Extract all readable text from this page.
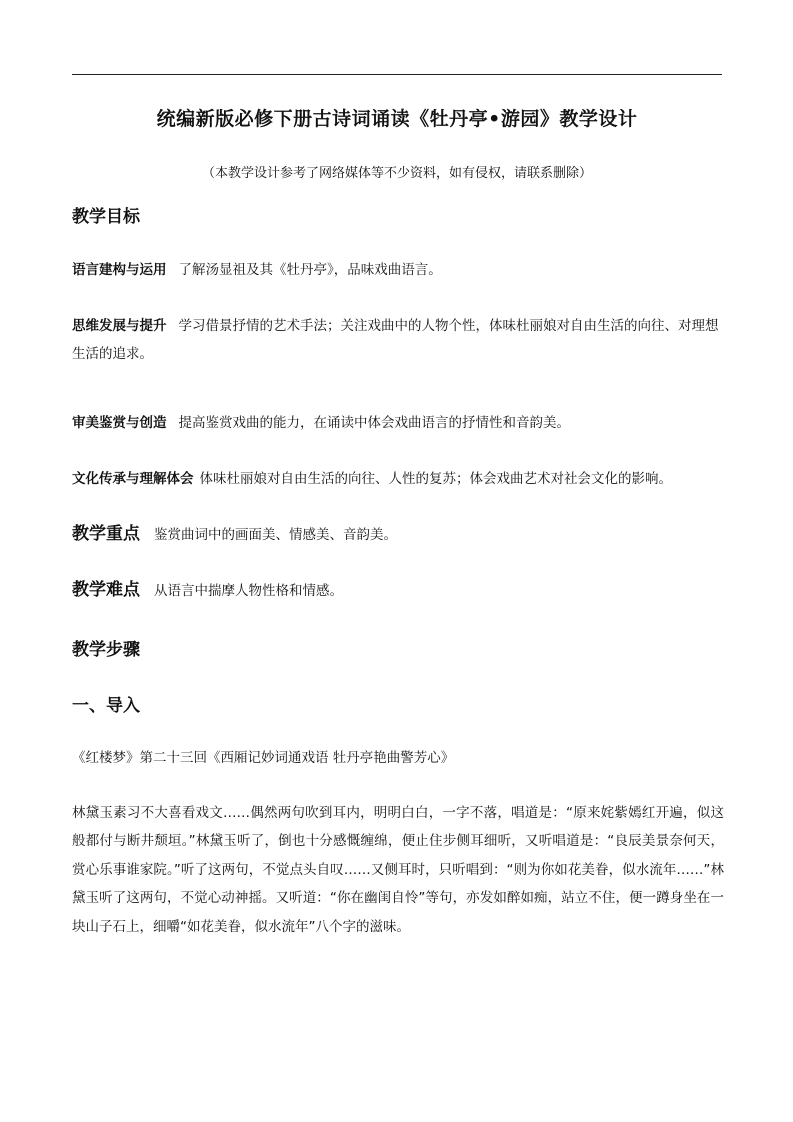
统编新版必修下册古诗词诵读《牡丹亭•游园》教学设计
（本教学设计参考了网络媒体等不少资料，如有侵权，请联系删除）
教学目标
语言建构与运用 了解汤显祖及其《牡丹亭》，品味戏曲语言。
思维发展与提升 学习借景抒情的艺术手法；关注戏曲中的人物个性，体味杜丽娘对自由生活的向往、对理想生活的追求。
审美鉴赏与创造 提高鉴赏戏曲的能力，在诵读中体会戏曲语言的抒情性和音韵美。
文化传承与理解体会 体味杜丽娘对自由生活的向往、人性的复苏；体会戏曲艺术对社会文化的影响。
教学重点 鉴赏曲词中的画面美、情感美、音韵美。
教学难点 从语言中揣摩人物性格和情感。
教学步骤
一、导入
《红楼梦》第二十三回《西厢记妙词通戏语 牡丹亭艳曲警芳心》
林黛玉素习不大喜看戏文……偶然两句吹到耳内，明明白白，一字不落，唱道是：“原来姹紫嫣红开遍，似这般都付与断井颓垣。”林黛玉听了，倒也十分感慨缠绵，便止住步侧耳细听，又听唱道是：“良辰美景奈何天，赏心乐事谁家院。”听了这两句，不觉点头自叹……又侧耳时，只听唱到：“则为你如花美眷，似水流年……”林黛玉听了这两句，不觉心动神摇。又听道：“你在幽闺自怜”等句，亦发如醉如痴，站立不住，便一蹲身坐在一块山子石上，细嚼“如花美眷，似水流年”八个字的滋味。
